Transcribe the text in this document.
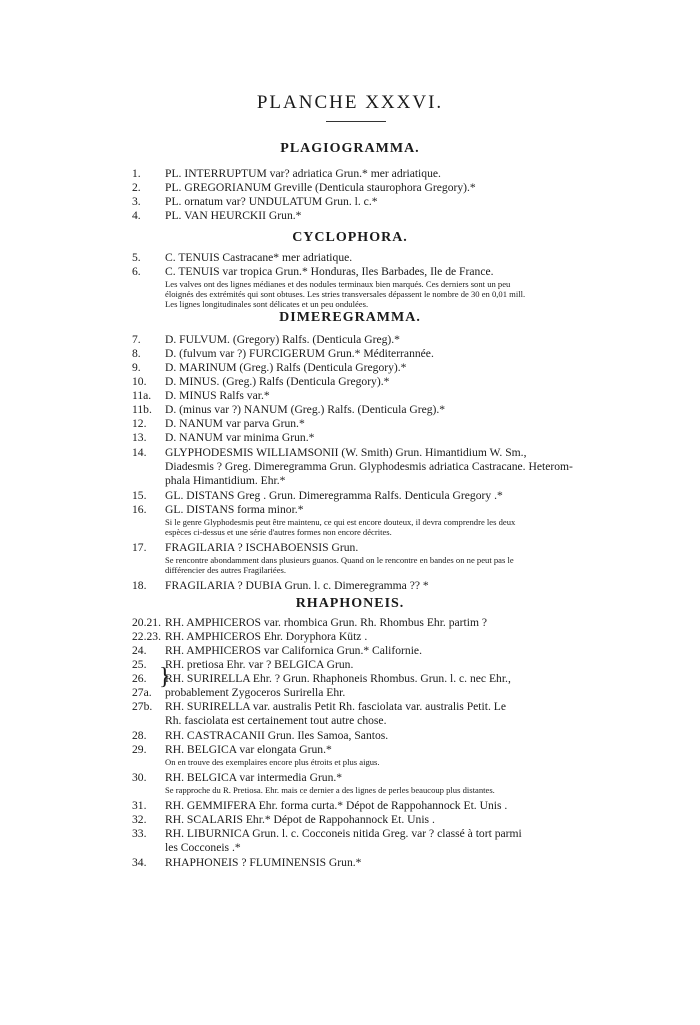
PLANCHE XXXVI.
PLAGIOGRAMMA.
CYCLOPHORA.
DIMEREGRAMMA.
RHAPHONEIS.
1. PL. INTERRUPTUM var? adriatica Grun.* mer adriatique.
2. PL. GREGORIANUM Greville (Denticula staurophora Gregory).*
3. PL. ornatum var? UNDULATUM Grun. l. c.*
4. PL. VAN HEURCKII Grun.*
5. C. TENUIS Castracane* mer adriatique.
6. C. TENUIS var tropica Grun.* Honduras, Iles Barbades, Ile de France.
Les valves ont des lignes médianes et des nodules terminaux bien marqués. Ces derniers sont un peu
éloignés des extrémités qui sont obtuses. Les stries transversales dépassent le nombre de 30 en 0,01 mill.
Les lignes longitudinales sont délicates et un peu ondulées.
7. D. FULVUM. (Gregory) Ralfs. (Denticula Greg).*
8. D. (fulvum var ?) FURCIGERUM Grun.* Méditerrannée.
9. D. MARINUM (Greg.) Ralfs (Denticula Gregory).*
10. D. MINUS. (Greg.) Ralfs (Denticula Gregory).*
11a. D. MINUS Ralfs var.*
11b. D. (minus var ?) NANUM (Greg.) Ralfs. (Denticula Greg).*
12. D. NANUM var parva Grun.*
13. D. NANUM var minima Grun.*
14. GLYPHODESMIS WILLIAMSONII (W. Smith) Grun. Himantidium W. Sm.,
Diadesmis ? Greg. Dimeregramma Grun. Glyphodesmis adriatica Castracane. Heterom-
phala Himantidium. Ehr.*
15. GL. DISTANS Greg . Grun. Dimeregramma Ralfs. Denticula Gregory .*
16. GL. DISTANS forma minor.*
Si le genre Glyphodesmis peut être maintenu, ce qui est encore douteux, il devra comprendre les deux
espèces ci-dessus et une série d'autres formes non encore décrites.
17. FRAGILARIA ? ISCHABOENSIS Grun.
Se rencontre abondamment dans plusieurs guanos. Quand on le rencontre en bandes on ne peut pas le
différencier des autres Fragilariées.
18. FRAGILARIA ? DUBIA Grun. l. c. Dimeregramma ?? *
20.21. RH. AMPHICEROS var. rhombica Grun. Rh. Rhombus Ehr. partim ?
22.23. RH. AMPHICEROS Ehr. Doryphora Kütz .
24. RH. AMPHICEROS var Californica Grun.* Californie.
25. RH. pretiosa Ehr. var ? BELGICA Grun.
26. RH. SURIRELLA Ehr. ? Grun. Rhaphoneis Rhombus. Grun. l. c. nec Ehr.,
27a. probablement Zygoceros Surirella Ehr.
27b. RH. SURIRELLA var. australis Petit Rh. fasciolata var. australis Petit. Le
Rh. fasciolata est certainement tout autre chose.
28. RH. CASTRACANII Grun. Iles Samoa, Santos.
29. RH. BELGICA var elongata Grun.*
On en trouve des exemplaires encore plus étroits et plus aigus.
30. RH. BELGICA var intermedia Grun.*
Se rapproche du R. Pretiosa. Ehr. mais ce dernier a des lignes de perles beaucoup plus distantes.
31. RH. GEMMIFERA Ehr. forma curta.* Dépot de Rappohannock Et. Unis .
32. RH. SCALARIS Ehr.* Dépot de Rappohannock Et. Unis .
33. RH. LIBURNICA Grun. l. c. Cocconeis nitida Greg. var ? classé à tort parmi
les Cocconeis .*
34. RHAPHONEIS ? FLUMINENSIS Grun.*
}
